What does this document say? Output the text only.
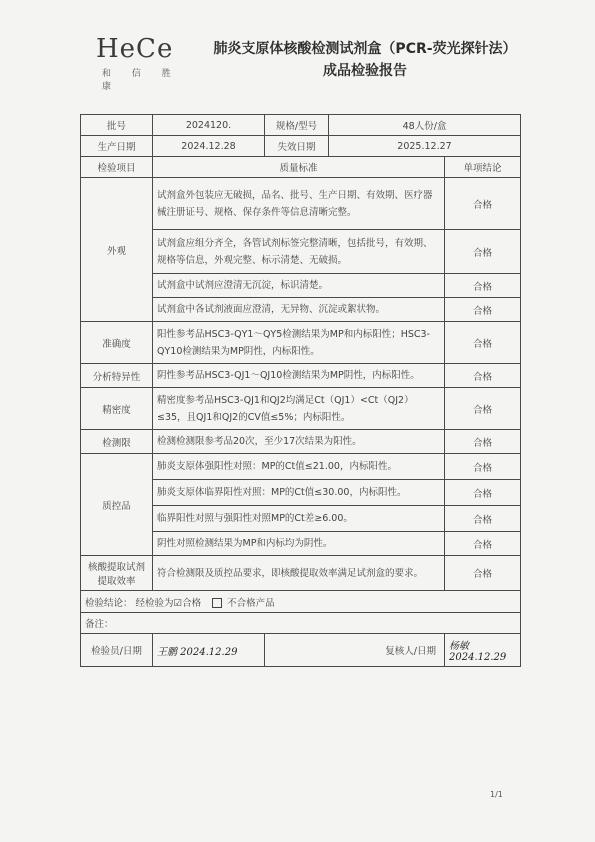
HeCe
和 信 胜 康
肺炎支原体核酸检测试剂盒（PCR-荧光探针法）
成品检验报告
批号	2024120.	规格/型号	48人份/盒	
生产日期	2024.12.28	失效日期	2025.12.27	
检验项目	质量标准			单项结论
外观	试剂盒外包装应无破损，品名、批号、生产日期、有效期、医疗器械注册证号、规格、保存条件等信息清晰完整。			合格
	试剂盒应组分齐全，各管试剂标签完整清晰，包括批号，有效期、规格等信息，外观完整、标示清楚、无破损。			合格
	试剂盒中试剂应澄清无沉淀，标识清楚。			合格
	试剂盒中各试剂液面应澄清，无异物、沉淀或絮状物。			合格
准确度	阳性参考品HSC3-QY1～QY5检测结果为MP和内标阳性；HSC3-QY10检测结果为MP阴性，内标阳性。			合格
分析特异性	阴性参考品HSC3-QJ1～QJ10检测结果为MP阴性，内标阳性。			合格
精密度	精密度参考品HSC3-QJ1和QJ2均满足Ct（QJ1）<Ct（QJ2）≤35，且QJ1和QJ2的CV值≤5%；内标阳性。			合格
检测限	检测检测限参考品20次，至少17次结果为阳性。			合格
质控品	肺炎支原体强阳性对照：MP的Ct值≤21.00，内标阳性。			合格
	肺炎支原体临界阳性对照：MP的Ct值≤30.00，内标阳性。			合格
	临界阳性对照与强阳性对照MP的Ct差≥6.00。			合格
	阴性对照检测结果为MP和内标均为阴性。			合格
核酸提取试剂提取效率	符合检测限及质控品要求，即核酸提取效率满足试剂盒的要求。			合格
检验结论： 经检验为☑合格 不合格产品				
备注：				
检验员/日期	王鹏 2024.12.29	复核人/日期		杨敏 2024.12.29
1/1
